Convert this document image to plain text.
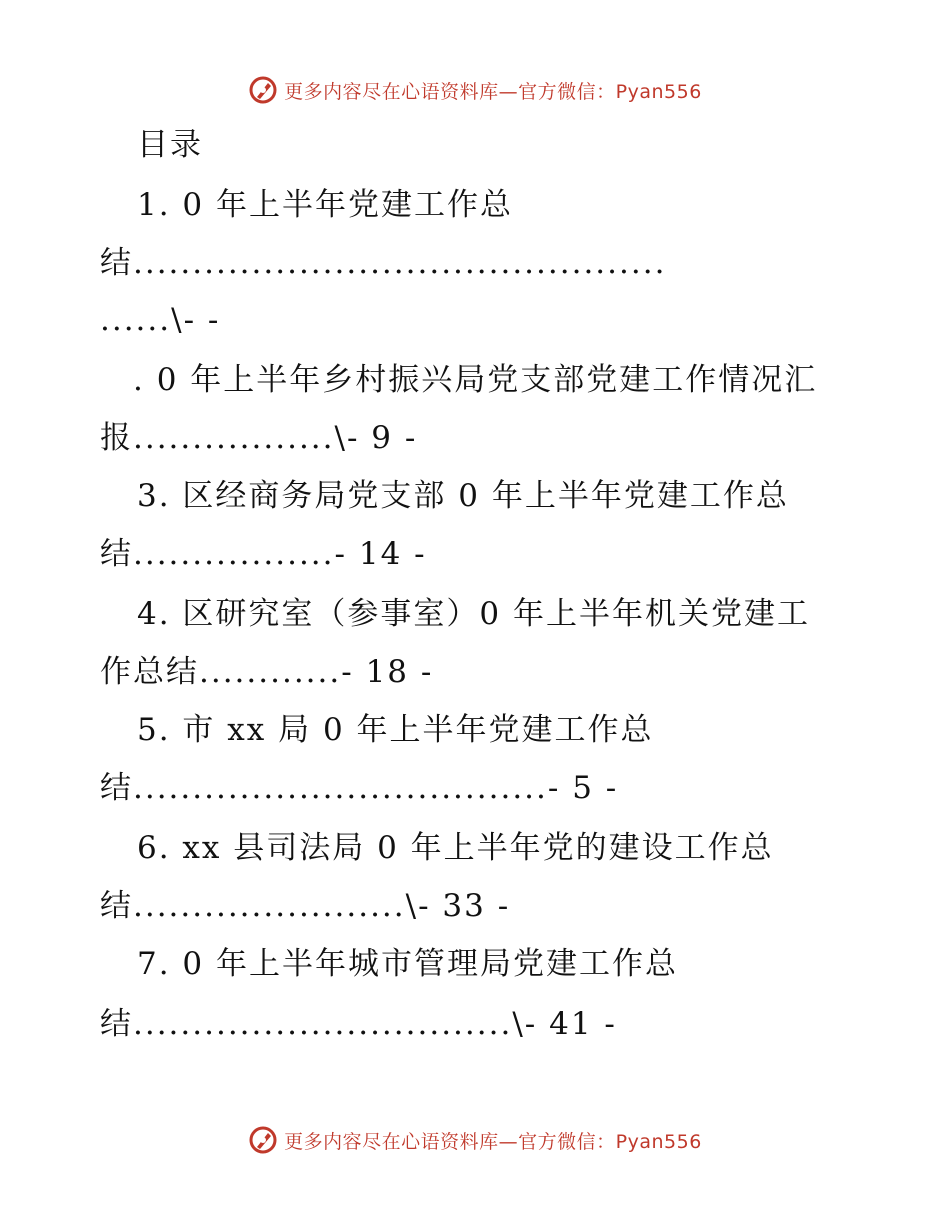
更多内容尽在心语资料库—官方微信：Pyan556
目录
1. 0 年上半年党建工作总
结.............................................
......\- -
. 0 年上半年乡村振兴局党支部党建工作情况汇
报.................\- 9 -
3. 区经商务局党支部 0 年上半年党建工作总
结.................- 14 -
4. 区研究室（参事室）0 年上半年机关党建工
作总结............- 18 -
5. 市 xx 局 0 年上半年党建工作总
结...................................- 5 -
6. xx 县司法局 0 年上半年党的建设工作总
结.......................\- 33 -
7. 0 年上半年城市管理局党建工作总
结................................\- 41 -
更多内容尽在心语资料库—官方微信：Pyan556
